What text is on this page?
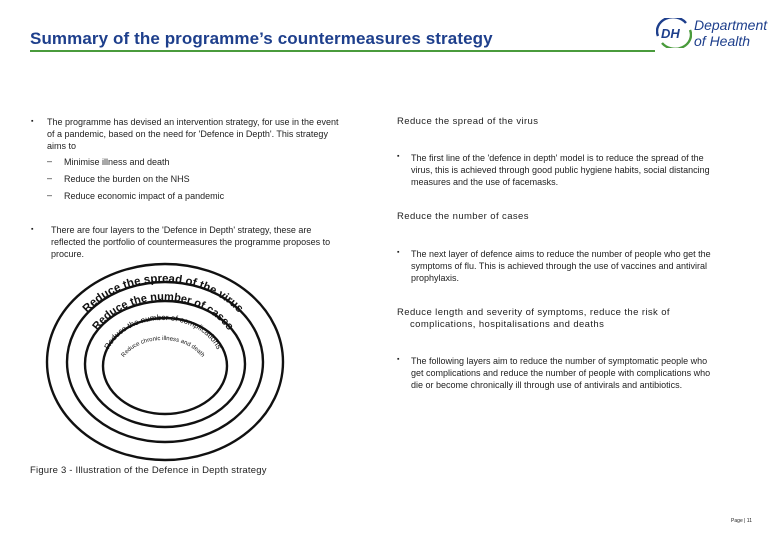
Summary of the programme’s countermeasures strategy	DH
Department
of Health
▪ The programme has devised an intervention strategy, for use in the event
of a pandemic, based on the need for 'Defence in Depth'. This strategy
aims to
– Minimise illness and death
– Reduce the burden on the NHS
– Reduce economic impact of a pandemic
▪ There are four layers to the 'Defence in Depth' strategy, these are
reflected the portfolio of countermeasures the programme proposes to
procure.
Reduce the spread of the virus
Reduce the number of cases
Reduce the number of complications
Reduce chronic illness and death
Figure 3 - Illustration of the Defence in Depth strategy
Reduce the spread of the virus
▪ The first line of the 'defence in depth' model is to reduce the spread of the
virus, this is achieved through good public hygiene habits, social distancing
measures and the use of facemasks.
Reduce the number of cases
▪ The next layer of defence aims to reduce the number of people who get the
symptoms of flu. This is achieved through the use of vaccines and antiviral
prophylaxis.
Reduce length and severity of symptoms, reduce the risk of
complications, hospitalisations and deaths
▪ The following layers aim to reduce the number of symptomatic people who
get complications and reduce the number of people with complications who
die or become chronically ill through use of antivirals and antibiotics.
Page | 11
